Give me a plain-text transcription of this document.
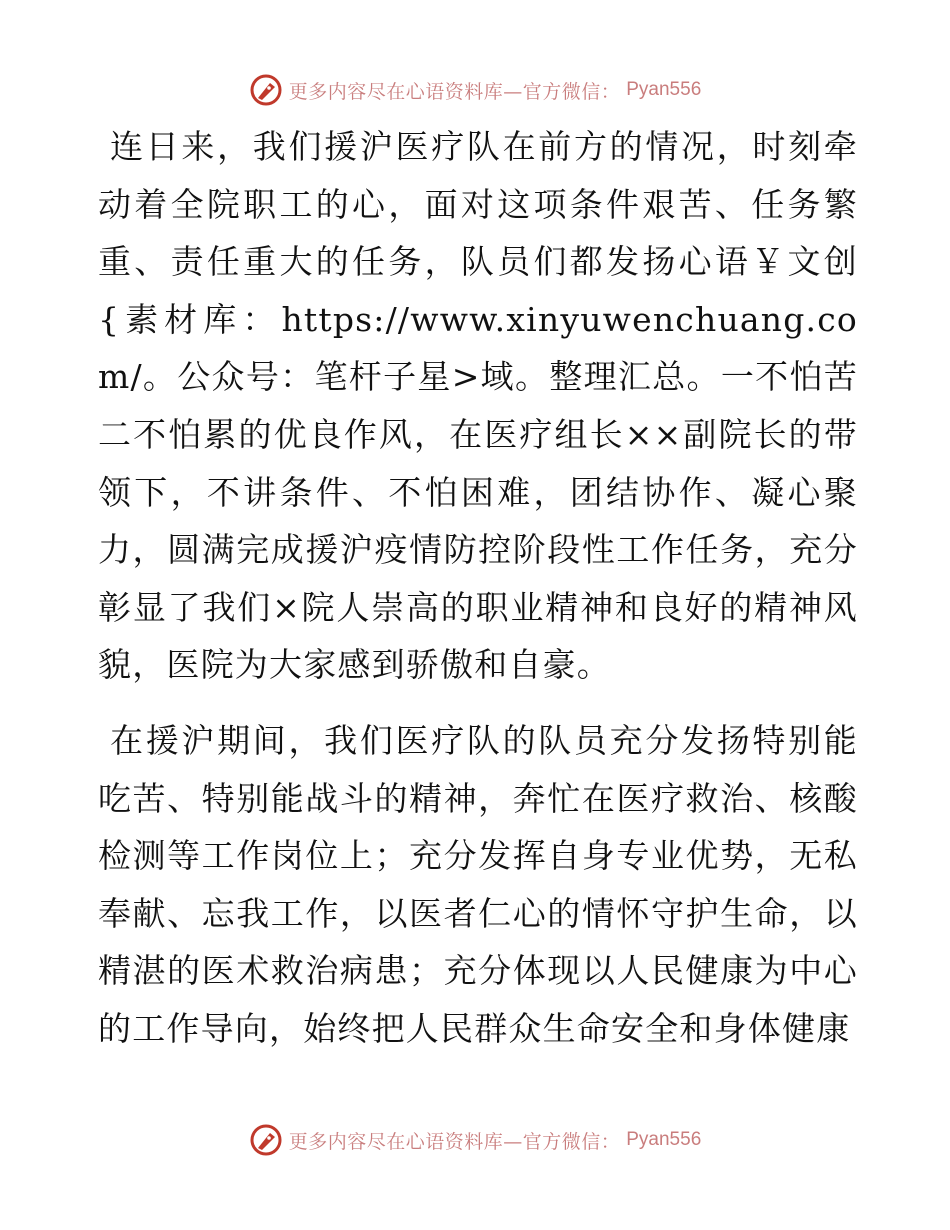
更多内容尽在心语资料库—官方微信： Pyan556

连日来，我们援沪医疗队在前方的情况，时刻牵动着全院职工的心，面对这项条件艰苦、任务繁重、责任重大的任务，队员们都发扬心语￥文创{素材库：https://www.xinyuwenchuang.com/。公众号：笔杆子星>域。整理汇总。一不怕苦二不怕累的优良作风，在医疗组长××副院长的带领下，不讲条件、不怕困难，团结协作、凝心聚力，圆满完成援沪疫情防控阶段性工作任务，充分彰显了我们×院人崇高的职业精神和良好的精神风貌，医院为大家感到骄傲和自豪。

在援沪期间，我们医疗队的队员充分发扬特别能吃苦、特别能战斗的精神，奔忙在医疗救治、核酸检测等工作岗位上；充分发挥自身专业优势，无私奉献、忘我工作，以医者仁心的情怀守护生命，以精湛的医术救治病患；充分体现以人民健康为中心的工作导向，始终把人民群众生命安全和身体健康

更多内容尽在心语资料库—官方微信： Pyan556
